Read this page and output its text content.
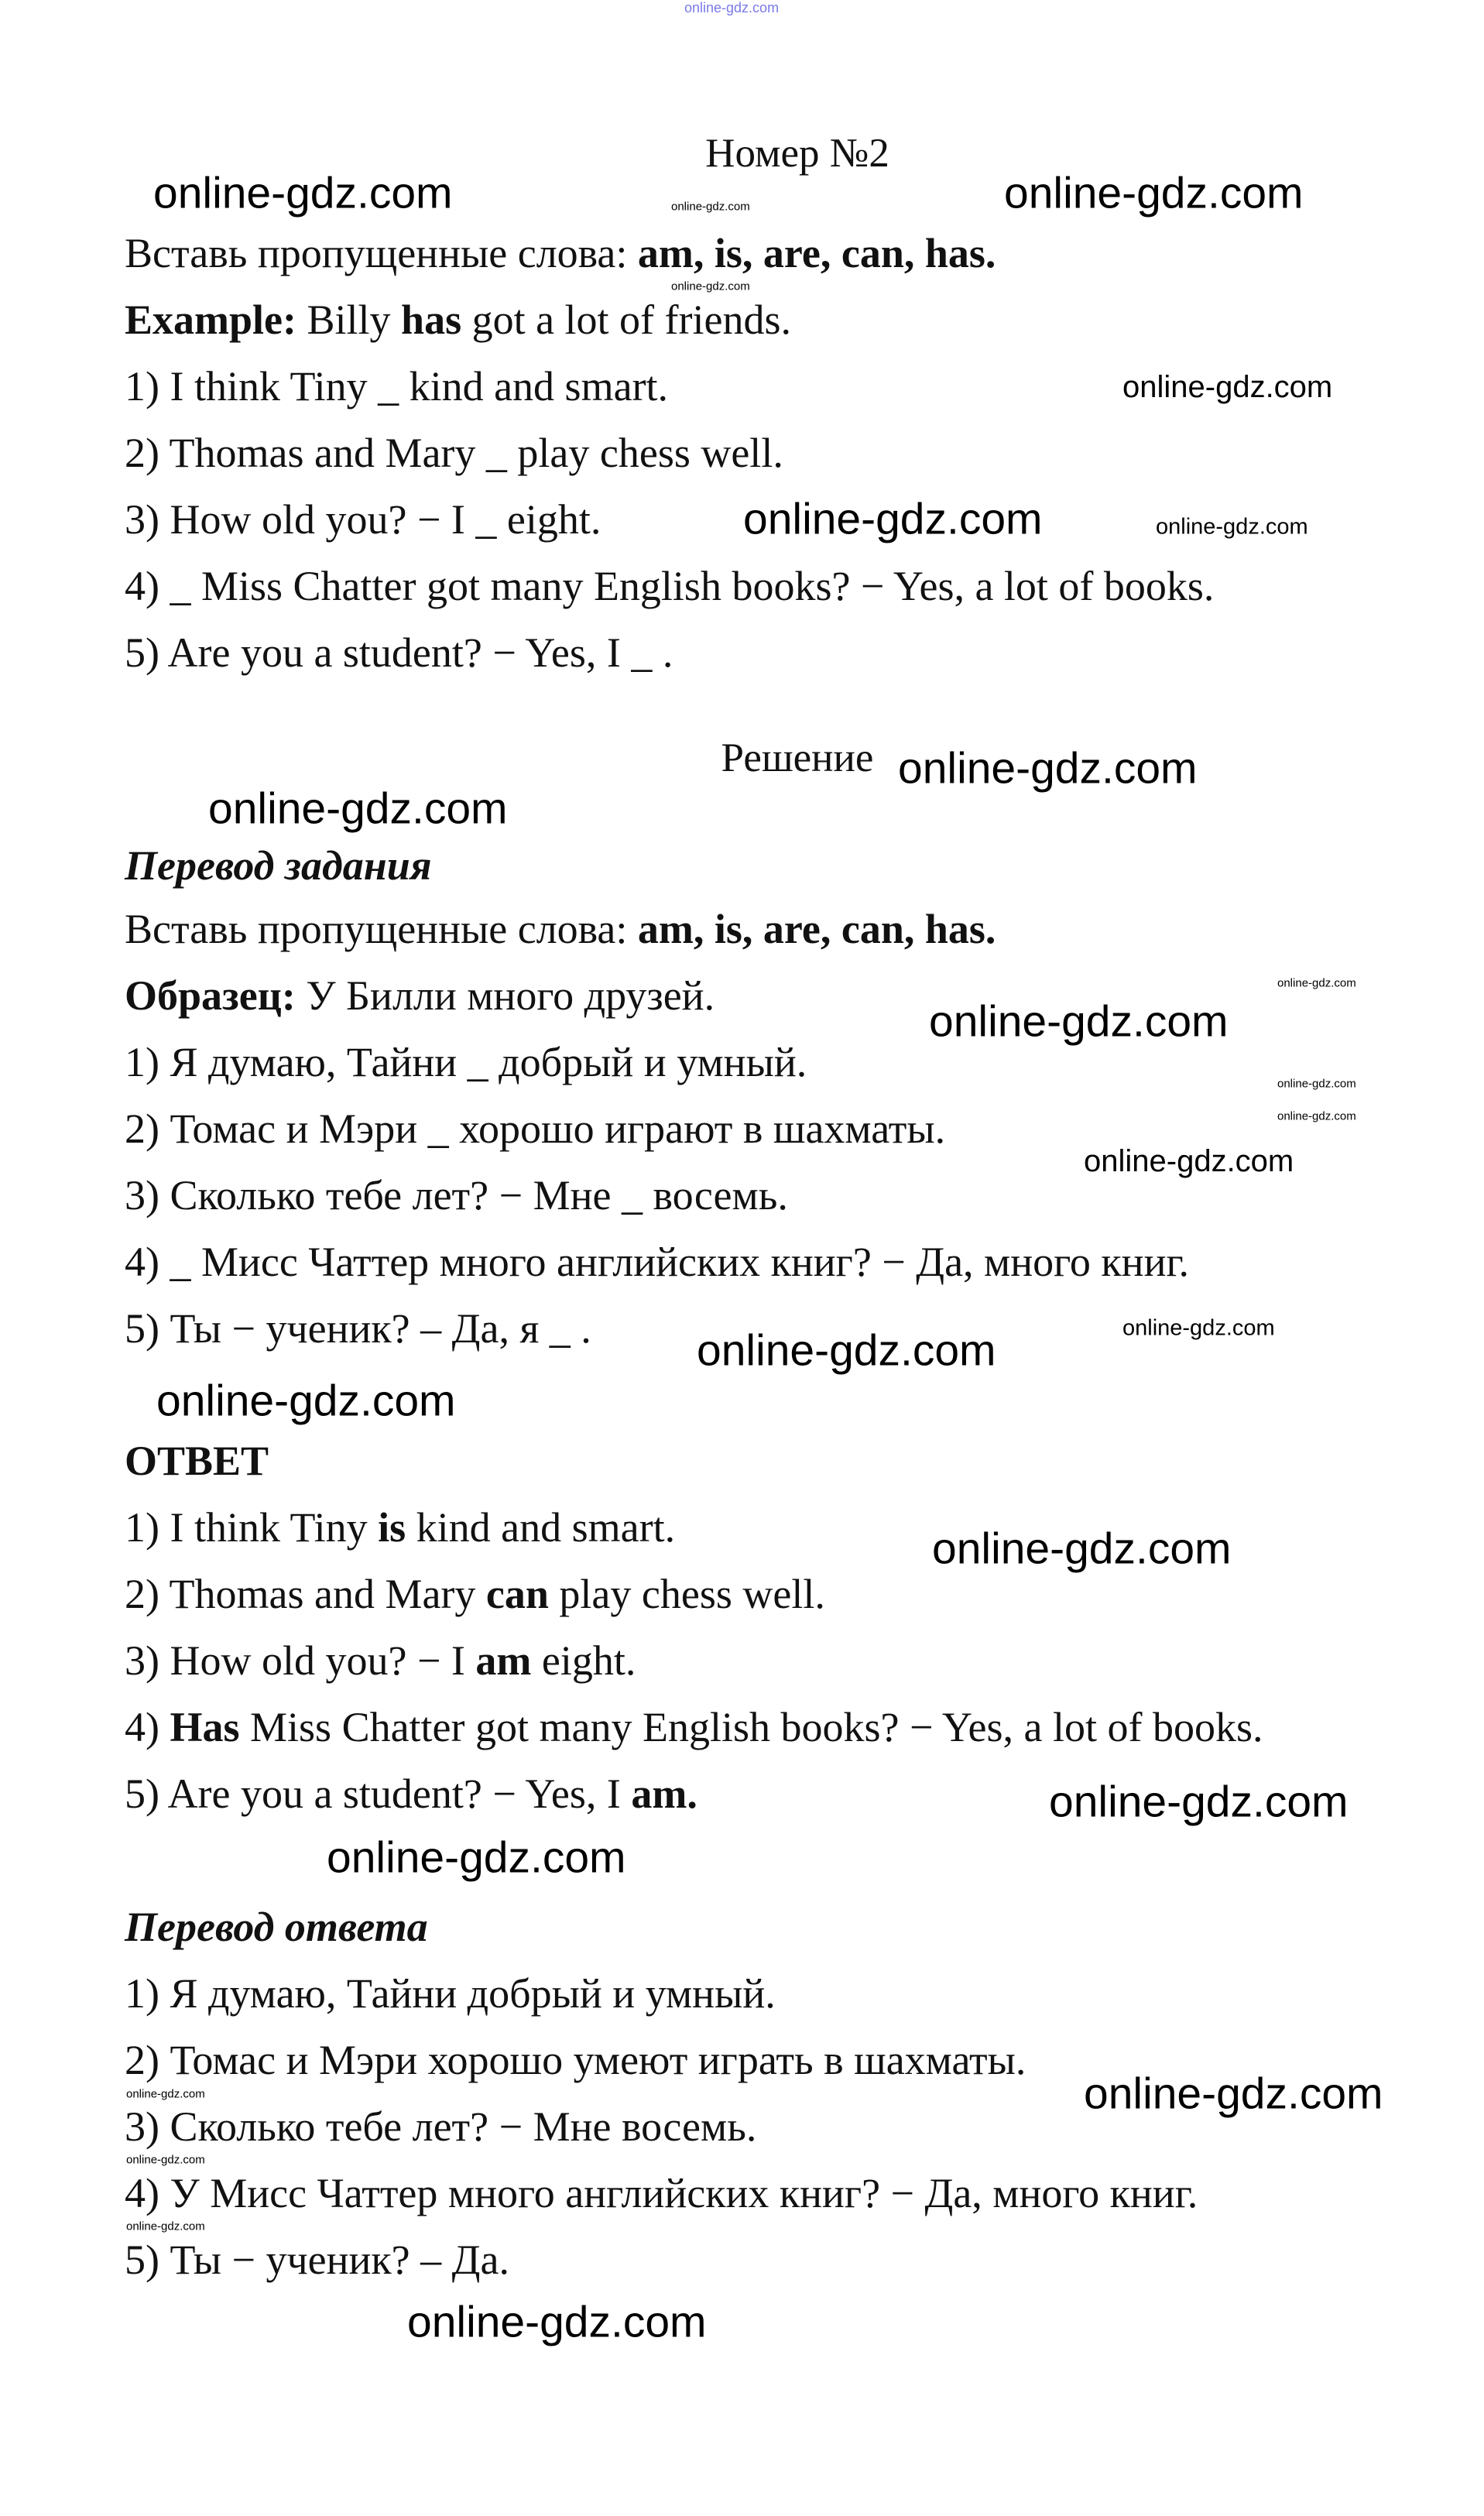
Номер №2
Вставь пропущенные слова: am, is, are, can, has.
Example: Billy has got a lot of friends.
1) I think Tiny _ kind and smart.
2) Thomas and Mary _ play chess well.
3) How old you? − I _ eight.
4) _ Miss Chatter got many English books? − Yes, a lot of books.
5) Are you a student? − Yes, I _ .
Решение
Перевод задания
Вставь пропущенные слова: am, is, are, can, has.
Образец: У Билли много друзей.
1) Я думаю, Тайни _ добрый и умный.
2) Томас и Мэри _ хорошо играют в шахматы.
3) Сколько тебе лет? − Мне _ восемь.
4) _ Мисс Чаттер много английских книг? − Да, много книг.
5) Ты − ученик? – Да, я _ .
ОТВЕТ
1) I think Tiny is kind and smart.
2) Thomas and Mary can play chess well.
3) How old you? − I am eight.
4) Has Miss Chatter got many English books? − Yes, a lot of books.
5) Are you a student? − Yes, I am.
Перевод ответа
1) Я думаю, Тайни добрый и умный.
2) Томас и Мэри хорошо умеют играть в шахматы.
3) Сколько тебе лет? − Мне восемь.
4) У Мисс Чаттер много английских книг? − Да, много книг.
5) Ты − ученик? – Да.
online-gdz.com
online-gdz.com	online-gdz.com
online-gdz.com
online-gdz.com
online-gdz.com
online-gdz.com	online-gdz.com
online-gdz.com
online-gdz.com
online-gdz.com
online-gdz.com
online-gdz.com
online-gdz.com
online-gdz.com
online-gdz.com	online-gdz.com
online-gdz.com
online-gdz.com
online-gdz.com
online-gdz.com
online-gdz.com
online-gdz.com
online-gdz.com
online-gdz.com
online-gdz.com
